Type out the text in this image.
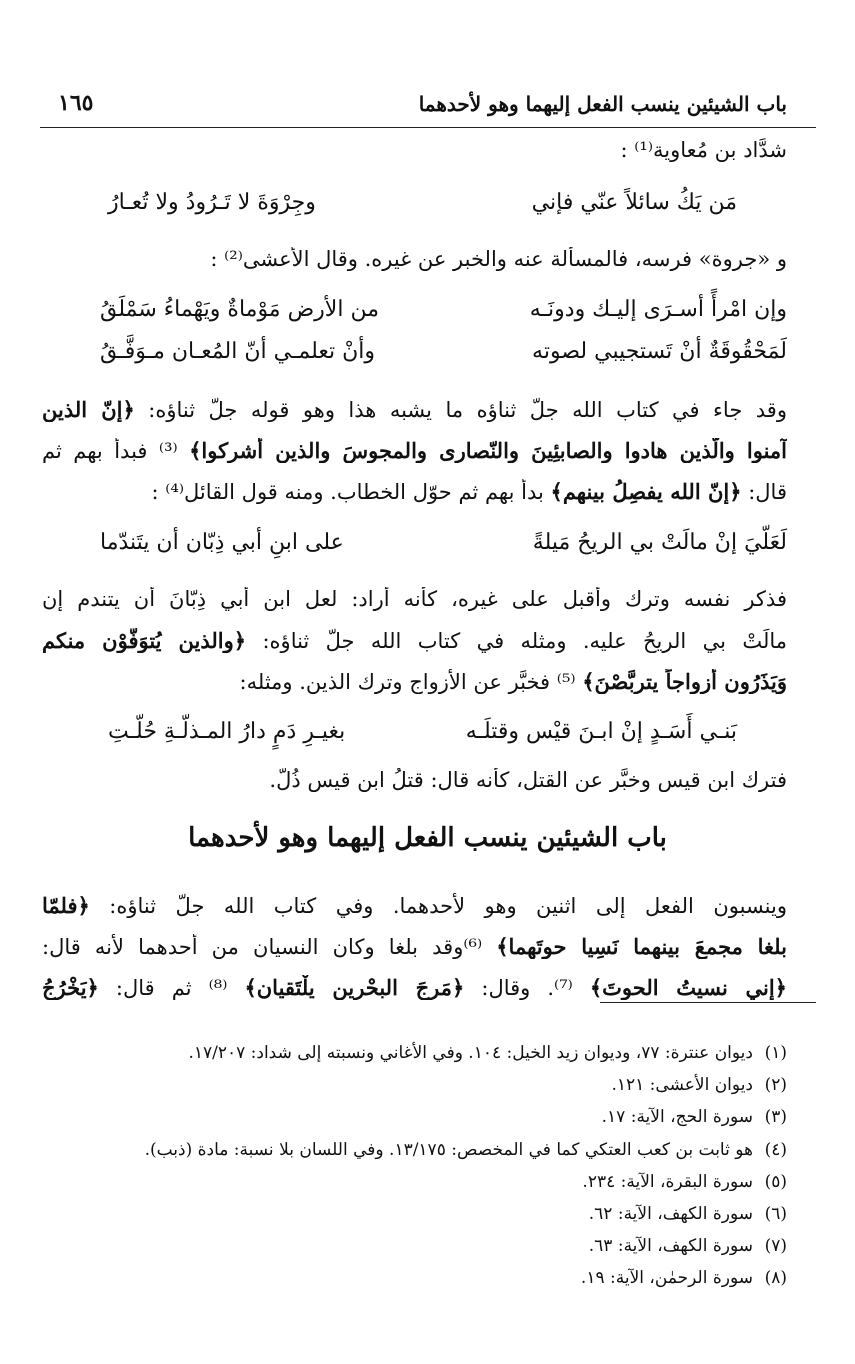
باب الشيئين ينسب الفعل إليهما وهو لأحدهما
١٦٥
شدَّاد بن مُعاوية⁽¹⁾ :
مَن يَكُ سائلاً عنّي فإني
وجِرْوَةَ لا تَـرُودُ ولا تُعـارُ
و «جروة» فرسه، فالمسألة عنه والخبر عن غيره. وقال الأعشى⁽²⁾ :
وإن امْرأً أسـرَى إليـك ودونَـه
من الأرض مَوْماةٌ ويَهْماءُ سَمْلَقُ
لَمَحْقُوقَةٌ أنْ تَستجيبي لصوته
وأنْ تعلمـي أنّ المُعـان مـوَفَّـقُ
وقد جاء في كتاب الله جلّ ثناؤه ما يشبه هذا وهو قوله جلّ ثناؤه: ﴿إنّ الذين
آمنوا والّذين هادوا والصابئِينَ والنّصارى والمجوسَ والذين أشركوا﴾ ⁽³⁾ فبدأ بهم ثم
قال: ﴿إنّ الله يفصِلُ بينهم﴾ بدأ بهم ثم حوّل الخطاب. ومنه قول القائل⁽⁴⁾ :
لَعَلّيَ إنْ مالَتْ بي الريحُ مَيلةً
على ابنِ أبي ذِبّان أن يتَندّما
فذكر نفسه وترك وأقبل على غيره، كأنه أراد: لعل ابن أبي ذِبّانَ أن يتندم إن
مالَتْ بي الريحُ عليه. ومثله في كتاب الله جلّ ثناؤه: ﴿والذين يُتوَفَّوْن منكم
وَيَذَرُون أزواجاً يتربَّصْنَ﴾ ⁽⁵⁾ فخبَّر عن الأزواج وترك الذين. ومثله:
بَنـي أَسَـدٍ إنْ ابـنَ قيْس وقتلَـه
بغيـرِ دَمٍ دارُ المـذلّـةِ حُلّـتِ
فترك ابن قيس وخبَّر عن القتل، كأنه قال: قتلُ ابن قيس ذُلّ.
باب الشيئين ينسب الفعل إليهما وهو لأحدهما
وينسبون الفعل إلى اثنين وهو لأحدهما. وفي كتاب الله جلّ ثناؤه: ﴿فلمّا
بلغا مجمعَ بينهما نَسِيا حوتَهما﴾ ⁽⁶⁾وقد بلغا وكان النسيان من أحدهما لأنه قال:
﴿إني نسيتُ الحوتَ﴾ ⁽⁷⁾. وقال: ﴿مَرجَ البحْرينِ يلْتَقيان﴾ ⁽⁸⁾ ثم قال: ﴿يَخْرُجُ
(١)ديوان عنترة: ٧٧، وديوان زيد الخيل: ١٠٤. وفي الأغاني ونسبته إلى شداد: ١٧/٢٠٧.
(٢)ديوان الأعشى: ١٢١.
(٣)سورة الحج، الآية: ١٧.
(٤)هو ثابت بن كعب العتكي كما في المخصص: ١٣/١٧٥. وفي اللسان بلا نسبة: مادة (ذبب).
(٥)سورة البقرة، الآية: ٢٣٤.
(٦)سورة الكهف، الآية: ٦٢.
(٧)سورة الكهف، الآية: ٦٣.
(٨)سورة الرحمٰن، الآية: ١٩.
